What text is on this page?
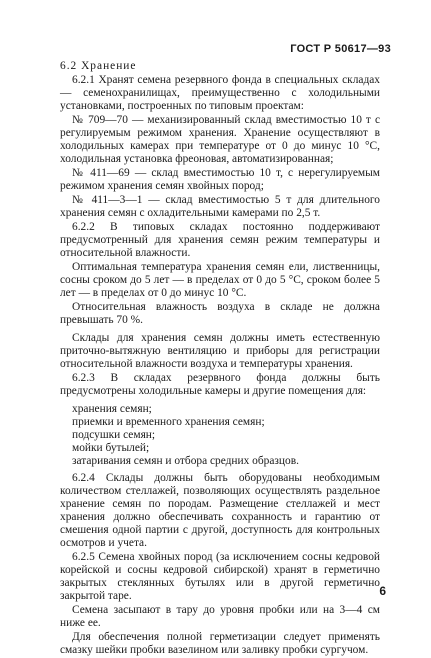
ГОСТ Р 50617—93

6.2 Хранение

6.2.1 Хранят семена резервного фонда в специальных складах — семенохранилищах, преимущественно с холодильными установками, построенных по типовым проектам:

№ 709—70 — механизированный склад вместимостью 10 т с регулируемым режимом хранения. Хранение осуществляют в холодильных камерах при температуре от 0 до минус 10 °С, холодильная установка фреоновая, автоматизированная;

№ 411—69 — склад вместимостью 10 т, с нерегулируемым режимом хранения семян хвойных пород;

№ 411—3—1 — склад вместимостью 5 т для длительного хранения семян с охладительными камерами по 2,5 т.

6.2.2 В типовых складах постоянно поддерживают предусмотренный для хранения семян режим температуры и относительной влажности.

Оптимальная температура хранения семян ели, лиственницы, сосны сроком до 5 лет — в пределах от 0 до 5 °С, сроком более 5 лет — в пределах от 0 до минус 10 °С.

Относительная влажность воздуха в складе не должна превышать 70 %.

Склады для хранения семян должны иметь естественную приточно-вытяжную вентиляцию и приборы для регистрации относительной влажности воздуха и температуры хранения.

6.2.3 В складах резервного фонда должны быть предусмотрены холодильные камеры и другие помещения для:

хранения семян;

приемки и временного хранения семян;

подсушки семян;

мойки бутылей;

затаривания семян и отбора средних образцов.

6.2.4 Склады должны быть оборудованы необходимым количеством стеллажей, позволяющих осуществлять раздельное хранение семян по породам. Размещение стеллажей и мест хранения должно обеспечивать сохранность и гарантию от смешения одной партии с другой, доступность для контрольных осмотров и учета.

6.2.5 Семена хвойных пород (за исключением сосны кедровой корейской и сосны кедровой сибирской) хранят в герметично закрытых стеклянных бутылях или в другой герметично закрытой таре.

Семена засыпают в тару до уровня пробки или на 3—4 см ниже ее.

Для обеспечения полной герметизации следует применять смазку шейки пробки вазелином или заливку пробки сургучом.

6
